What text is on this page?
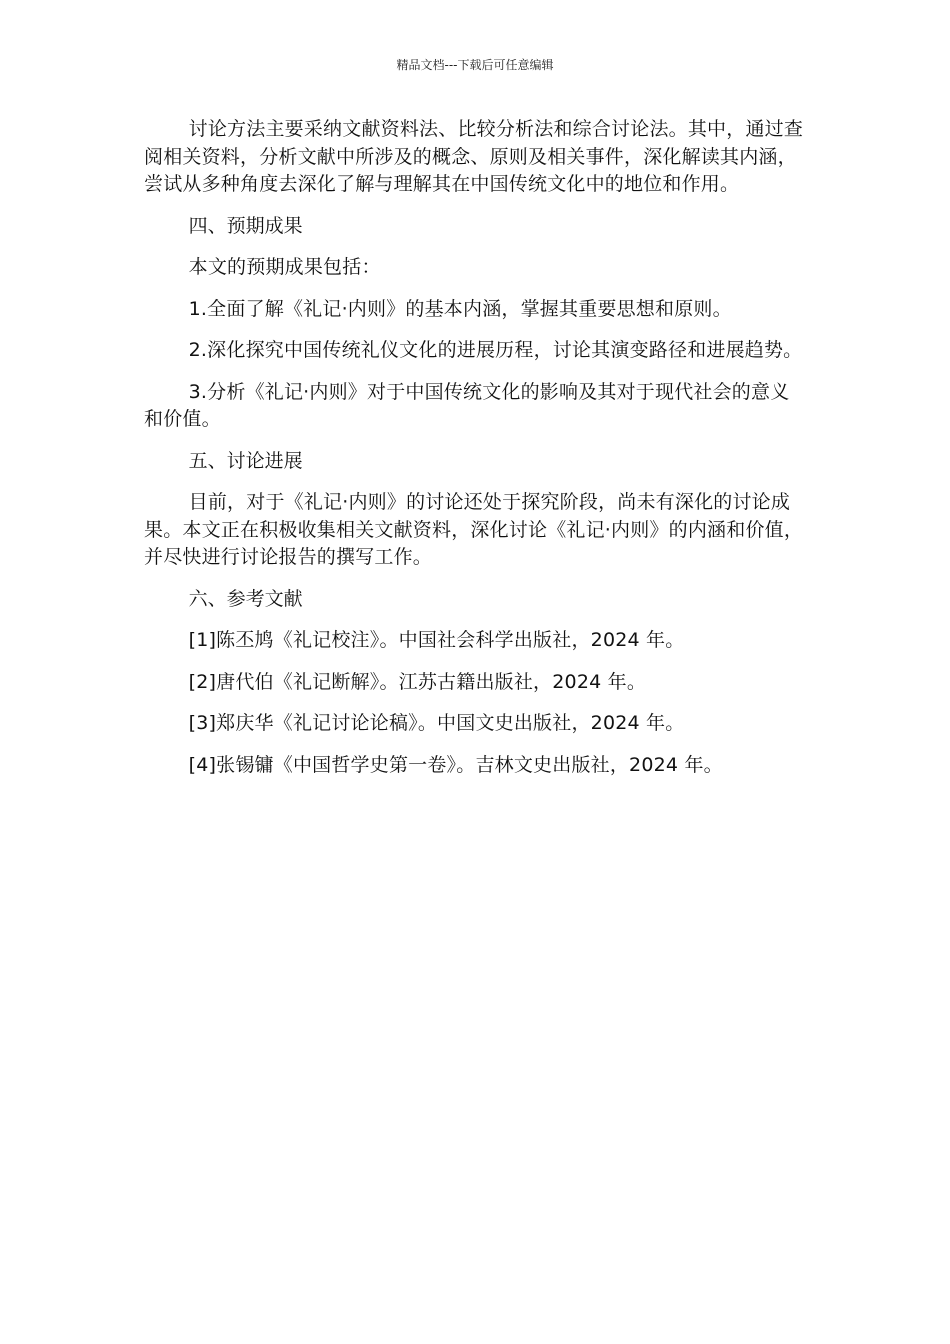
精品文档---下载后可任意编辑

讨论方法主要采纳文献资料法、比较分析法和综合讨论法。其中，通过查阅相关资料，分析文献中所涉及的概念、原则及相关事件，深化解读其内涵，尝试从多种角度去深化了解与理解其在中国传统文化中的地位和作用。

四、预期成果

本文的预期成果包括：

1.全面了解《礼记·内则》的基本内涵，掌握其重要思想和原则。

2.深化探究中国传统礼仪文化的进展历程，讨论其演变路径和进展趋势。

3.分析《礼记·内则》对于中国传统文化的影响及其对于现代社会的意义和价值。

五、讨论进展

目前，对于《礼记·内则》的讨论还处于探究阶段，尚未有深化的讨论成果。本文正在积极收集相关文献资料，深化讨论《礼记·内则》的内涵和价值，并尽快进行讨论报告的撰写工作。

六、参考文献

[1]陈丕鸠《礼记校注》。中国社会科学出版社，2024 年。

[2]唐代伯《礼记断解》。江苏古籍出版社，2024 年。

[3]郑庆华《礼记讨论论稿》。中国文史出版社，2024 年。

[4]张锡镛《中国哲学史第一卷》。吉林文史出版社，2024 年。
